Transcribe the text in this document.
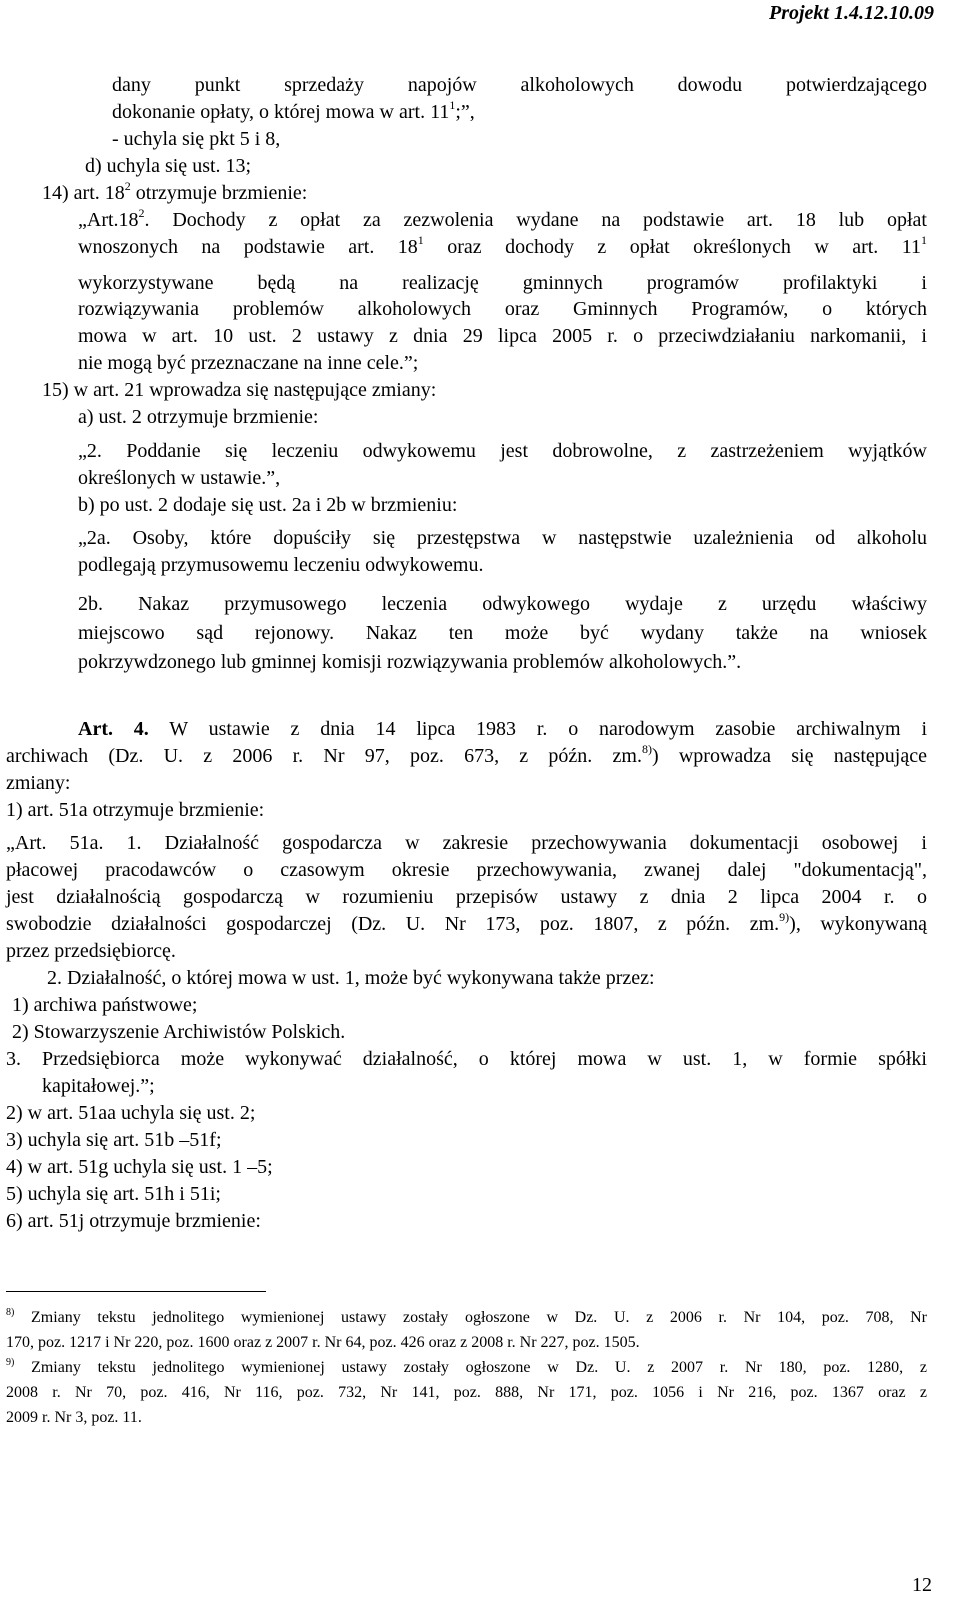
Projekt 1.4.12.10.09
dany punkt sprzedaży napojów alkoholowych dowodu potwierdzającego
dokonanie opłaty, o której mowa w art. $11^1$;”,
- uchyla się pkt 5 i 8,
d) uchyla się ust. 13;
14) art. $18^2$ otrzymuje brzmienie:
$„Art.18^2$. Dochody z opłat za zezwolenia wydane na podstawie art. 18 lub opłat
wnoszonych na podstawie art. $18^1$ oraz dochody z opłat określonych w art. $11^1$
wykorzystywane będą na realizację gminnych programów profilaktyki i
rozwiązywania problemów alkoholowych oraz Gminnych Programów, o których
mowa w art. 10 ust. 2 ustawy z dnia 29 lipca 2005 r. o przeciwdziałaniu narkomanii, i
nie mogą być przeznaczane na inne cele.”;
15) w art. 21 wprowadza się następujące zmiany:
a) ust. 2 otrzymuje brzmienie:
„2. Poddanie się leczeniu odwykowemu jest dobrowolne, z zastrzeżeniem wyjątków
określonych w ustawie.”,
b) po ust. 2 dodaje się ust. 2a i 2b w brzmieniu:
„2a. Osoby, które dopuściły się przestępstwa w następstwie uzależnienia od alkoholu
podlegają przymusowemu leczeniu odwykowemu.
2b. Nakaz przymusowego leczenia odwykowego wydaje z urzędu właściwy
miejscowo sąd rejonowy. Nakaz ten może być wydany także na wniosek
pokrzywdzonego lub gminnej komisji rozwiązywania problemów alkoholowych.”.
Art. 4. W ustawie z dnia 14 lipca 1983 r. o narodowym zasobie archiwalnym i
archiwach (Dz. U. z 2006 r. Nr 97, poz. 673, z późn. zm.$^{8)}$) wprowadza się następujące
zmiany:
1) art. 51a otrzymuje brzmienie:
„Art. 51a. 1. Działalność gospodarcza w zakresie przechowywania dokumentacji osobowej i
płacowej pracodawców o czasowym okresie przechowywania, zwanej dalej "dokumentacją",
jest działalnością gospodarczą w rozumieniu przepisów ustawy z dnia 2 lipca 2004 r. o
swobodzie działalności gospodarczej (Dz. U. Nr 173, poz. 1807, z późn. zm.$^{9)}$), wykonywaną
przez przedsiębiorcę.
2. Działalność, o której mowa w ust. 1, może być wykonywana także przez:
1) archiwa państwowe;
2) Stowarzyszenie Archiwistów Polskich.
3. Przedsiębiorca może wykonywać działalność, o której mowa w ust. 1, w formie spółki
kapitałowej.”;
2) w art. 51aa uchyla się ust. 2;
3) uchyla się art. 51b –51f;
4) w art. 51g uchyla się ust. 1 –5;
5) uchyla się art. 51h i 51i;
6) art. 51j otrzymuje brzmienie:
$^{8)}$ Zmiany tekstu jednolitego wymienionej ustawy zostały ogłoszone w Dz. U. z 2006 r. Nr 104, poz. 708, Nr
170, poz. 1217 i Nr 220, poz. 1600 oraz z 2007 r. Nr 64, poz. 426 oraz z 2008 r. Nr 227, poz. 1505.
$^{9)}$ Zmiany tekstu jednolitego wymienionej ustawy zostały ogłoszone w Dz. U. z 2007 r. Nr 180, poz. 1280, z
2008 r. Nr 70, poz. 416, Nr 116, poz. 732, Nr 141, poz. 888, Nr 171, poz. 1056 i Nr 216, poz. 1367 oraz z
2009 r. Nr 3, poz. 11.
12
